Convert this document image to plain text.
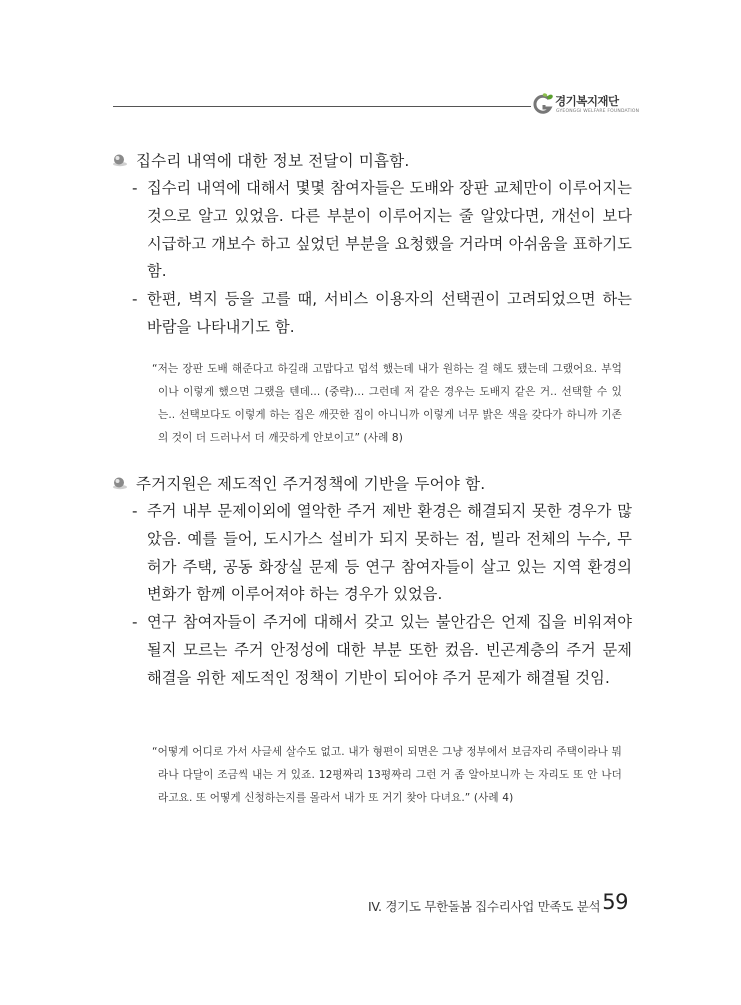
경기복지재단
GYEONGGI WELFARE FOUNDATION
집수리 내역에 대한 정보 전달이 미흡함.
- 집수리 내역에 대해서 몇몇 참여자들은 도배와 장판 교체만이 이루어지는 것으로 알고 있었음. 다른 부분이 이루어지는 줄 알았다면, 개선이 보다 시급하고 개보수 하고 싶었던 부분을 요청했을 거라며 아쉬움을 표하기도 함.
- 한편, 벽지 등을 고를 때, 서비스 이용자의 선택권이 고려되었으면 하는 바람을 나타내기도 함.

“저는 장판 도배 해준다고 하길래 고맙다고 덥석 했는데 내가 원하는 걸 해도 됐는데 그랬어요. 부엌이나 이렇게 했으면 그랬을 텐데... (중략)... 그런데 저 같은 경우는 도배지 같은 거.. 선택할 수 있는.. 선택보다도 이렇게 하는 집은 깨끗한 집이 아니니까 이렇게 너무 밝은 색을 갖다가 하니까 기존의 것이 더 드러나서 더 깨끗하게 안보이고” (사례 8)

주거지원은 제도적인 주거정책에 기반을 두어야 함.
- 주거 내부 문제이외에 열악한 주거 제반 환경은 해결되지 못한 경우가 많았음. 예를 들어, 도시가스 설비가 되지 못하는 점, 빌라 전체의 누수, 무허가 주택, 공동 화장실 문제 등 연구 참여자들이 살고 있는 지역 환경의 변화가 함께 이루어져야 하는 경우가 있었음.
- 연구 참여자들이 주거에 대해서 갖고 있는 불안감은 언제 집을 비워져야 될지 모르는 주거 안정성에 대한 부분 또한 컸음. 빈곤계층의 주거 문제 해결을 위한 제도적인 정책이 기반이 되어야 주거 문제가 해결될 것임.

“어떻게 어디로 가서 사글세 살수도 없고. 내가 형편이 되면은 그냥 정부에서 보금자리 주택이라나 뭐라나 다달이 조금씩 내는 거 있죠. 12평짜리 13평짜리 그런 거 좀 알아보니까 는 자리도 또 안 나더라고요. 또 어떻게 신청하는지를 몰라서 내가 또 거기 찾아 다녀요.” (사례 4)

IV. 경기도 무한돌봄 집수리사업 만족도 분석 59
